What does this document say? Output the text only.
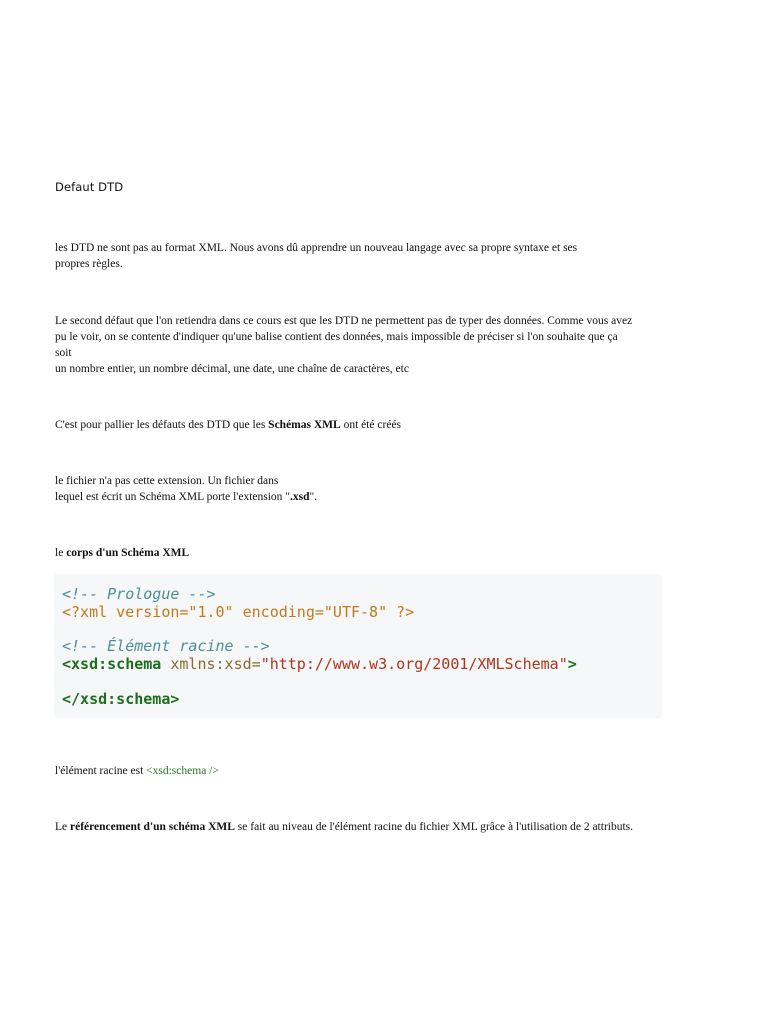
Defaut DTD

les DTD ne sont pas au format XML. Nous avons dû apprendre un nouveau langage avec sa propre syntaxe et ses
propres règles.

Le second défaut que l'on retiendra dans ce cours est que les DTD ne permettent pas de typer des données. Comme vous avez
pu le voir, on se contente d'indiquer qu'une balise contient des données, mais impossible de préciser si l'on souhaite que ça
soit
un nombre entier, un nombre décimal, une date, une chaîne de caractères, etc

C'est pour pallier les défauts des DTD que les Schémas XML ont été créés

le fichier n'a pas cette extension. Un fichier dans
lequel est écrit un Schéma XML porte l'extension ".xsd".

le corps d'un Schéma XML

<!-- Prologue -->
<?xml version="1.0" encoding="UTF-8" ?>
<!-- Élément racine -->
<xsd:schema xmlns:xsd="http://www.w3.org/2001/XMLSchema">
</xsd:schema>

l'élément racine est <xsd:schema />

Le référencement d'un schéma XML se fait au niveau de l'élément racine du fichier XML grâce à l'utilisation de 2 attributs.
